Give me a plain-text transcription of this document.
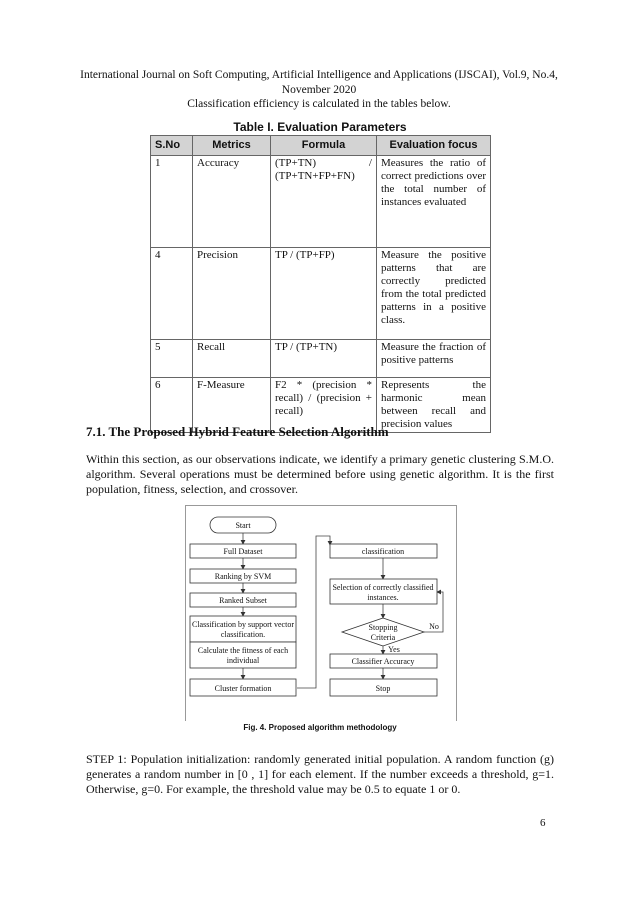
International Journal on Soft Computing, Artificial Intelligence and Applications (IJSCAI), Vol.9, No.4,
November 2020
Classification efficiency is calculated in the tables below.
Table I. Evaluation Parameters
S.No	Metrics	Formula	Evaluation focus
1	Accuracy	(TP+TN) / (TP+TN+FP+FN)	Measures the ratio of correct predictions over the total number of instances evaluated
4	Precision	TP / (TP+FP)	Measure the positive patterns that are correctly predicted from the total predicted patterns in a positive class.
5	Recall	TP / (TP+TN)	Measure the fraction of positive patterns
6	F-Measure	F2 * (precision * recall) / (precision + recall)	Represents the harmonic mean between recall and precision values
7.1. The Proposed Hybrid Feature Selection Algorithm
Within this section, as our observations indicate, we identify a primary genetic clustering S.M.O. algorithm. Several operations must be determined before using genetic algorithm. It is the first population, fitness, selection, and crossover.
Start
Full Dataset
Ranking by SVM
Ranked Subset
Classification by support vector
classification.
Calculate the fitness of each
individual
Cluster formation
classification
Selection of correctly classified
instances.
Stopping
Criteria
No
Yes
Classifier Accuracy
Stop
Fig. 4. Proposed algorithm methodology
STEP 1: Population initialization: randomly generated initial population. A random function (g) generates a random number in [0 , 1] for each element. If the number exceeds a threshold, g=1. Otherwise, g=0. For example, the threshold value may be 0.5 to equate 1 or 0.
6
